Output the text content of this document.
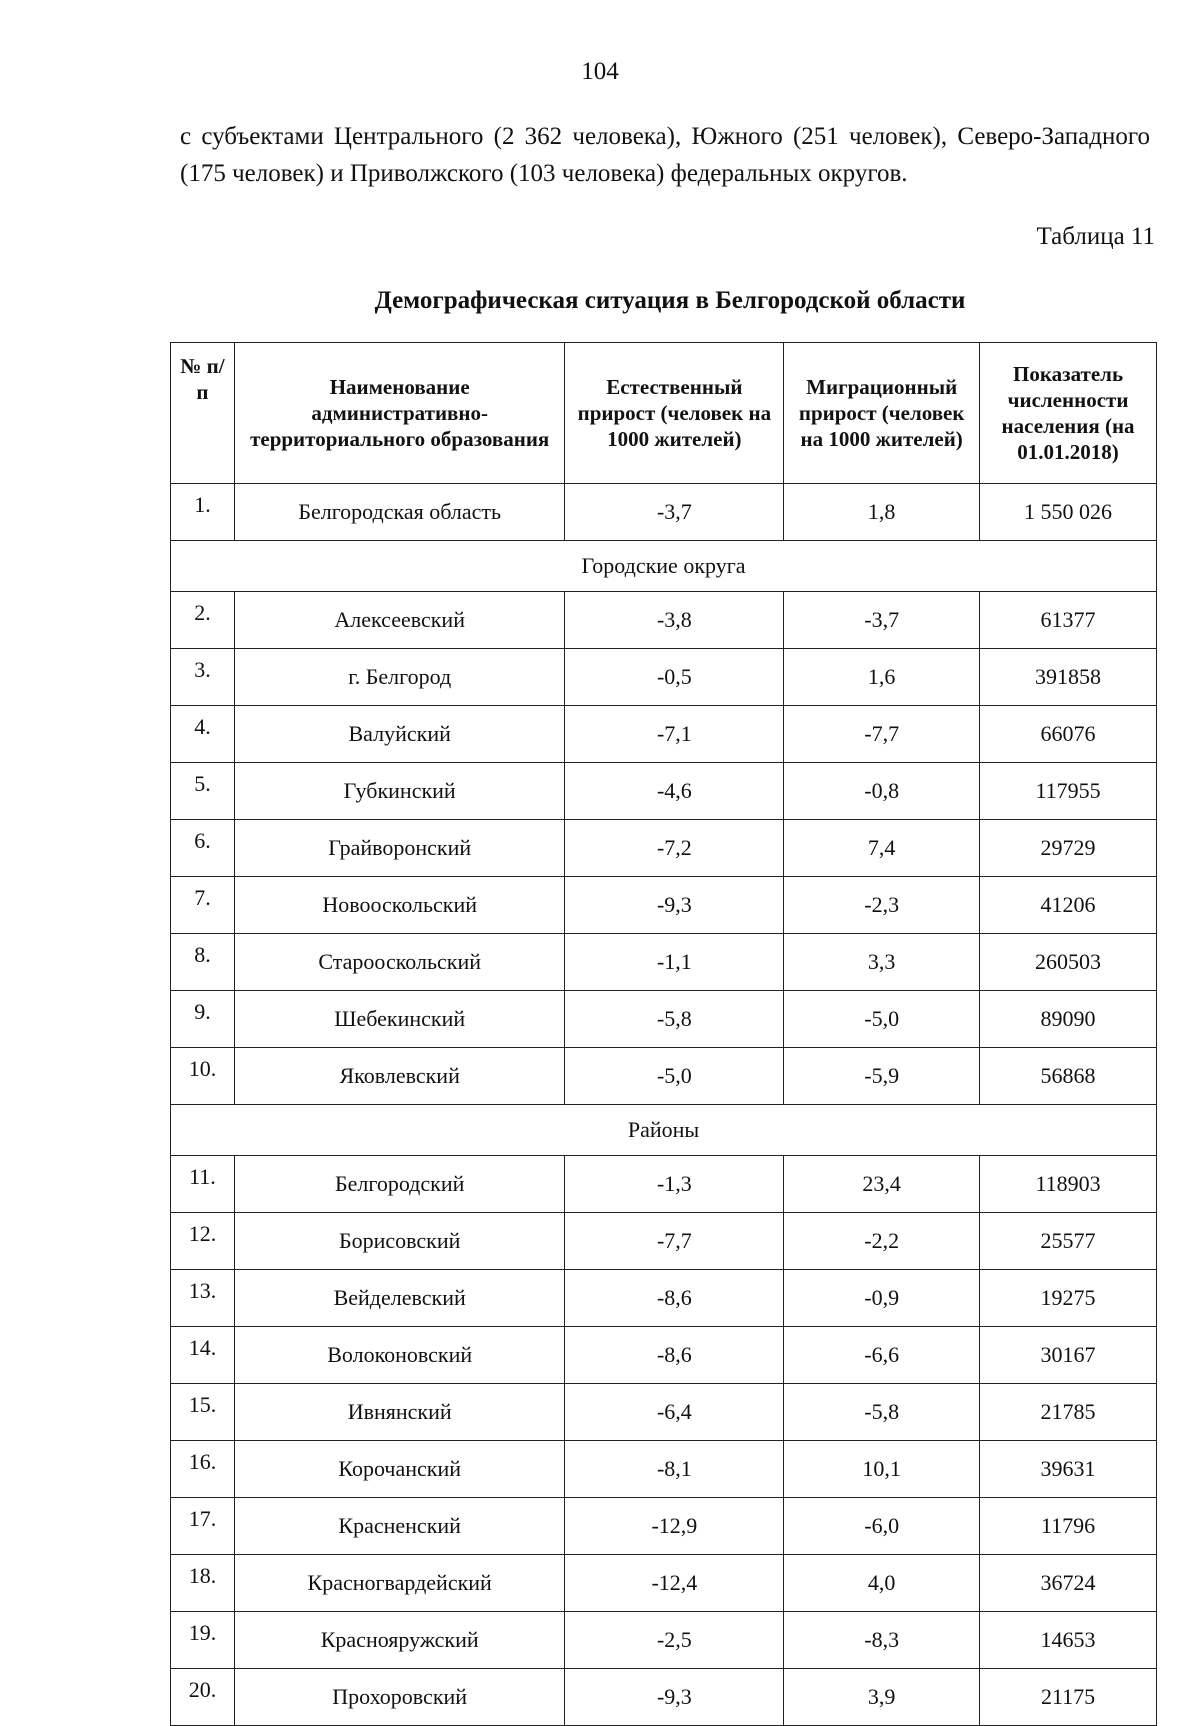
104
с субъектами Центрального (2 362 человека), Южного (251 человек), Северо-Западного (175 человек) и Приволжского (103 человека) федеральных округов.
Таблица 11
Демографическая ситуация в Белгородской области
№ п/п	Наименование административно-территориального образования	Естественный прирост (человек на 1000 жителей)	Миграционный прирост (человек на 1000 жителей)	Показатель численности населения (на 01.01.2018)
1.	Белгородская область	-3,7	1,8	1 550 026
Городские округа				
2.	Алексеевский	-3,8	-3,7	61377
3.	г. Белгород	-0,5	1,6	391858
4.	Валуйский	-7,1	-7,7	66076
5.	Губкинский	-4,6	-0,8	117955
6.	Грайворонский	-7,2	7,4	29729
7.	Новооскольский	-9,3	-2,3	41206
8.	Старооскольский	-1,1	3,3	260503
9.	Шебекинский	-5,8	-5,0	89090
10.	Яковлевский	-5,0	-5,9	56868
Районы				
11.	Белгородский	-1,3	23,4	118903
12.	Борисовский	-7,7	-2,2	25577
13.	Вейделевский	-8,6	-0,9	19275
14.	Волоконовский	-8,6	-6,6	30167
15.	Ивнянский	-6,4	-5,8	21785
16.	Корочанский	-8,1	10,1	39631
17.	Красненский	-12,9	-6,0	11796
18.	Красногвардейский	-12,4	4,0	36724
19.	Краснояружский	-2,5	-8,3	14653
20.	Прохоровский	-9,3	3,9	21175
